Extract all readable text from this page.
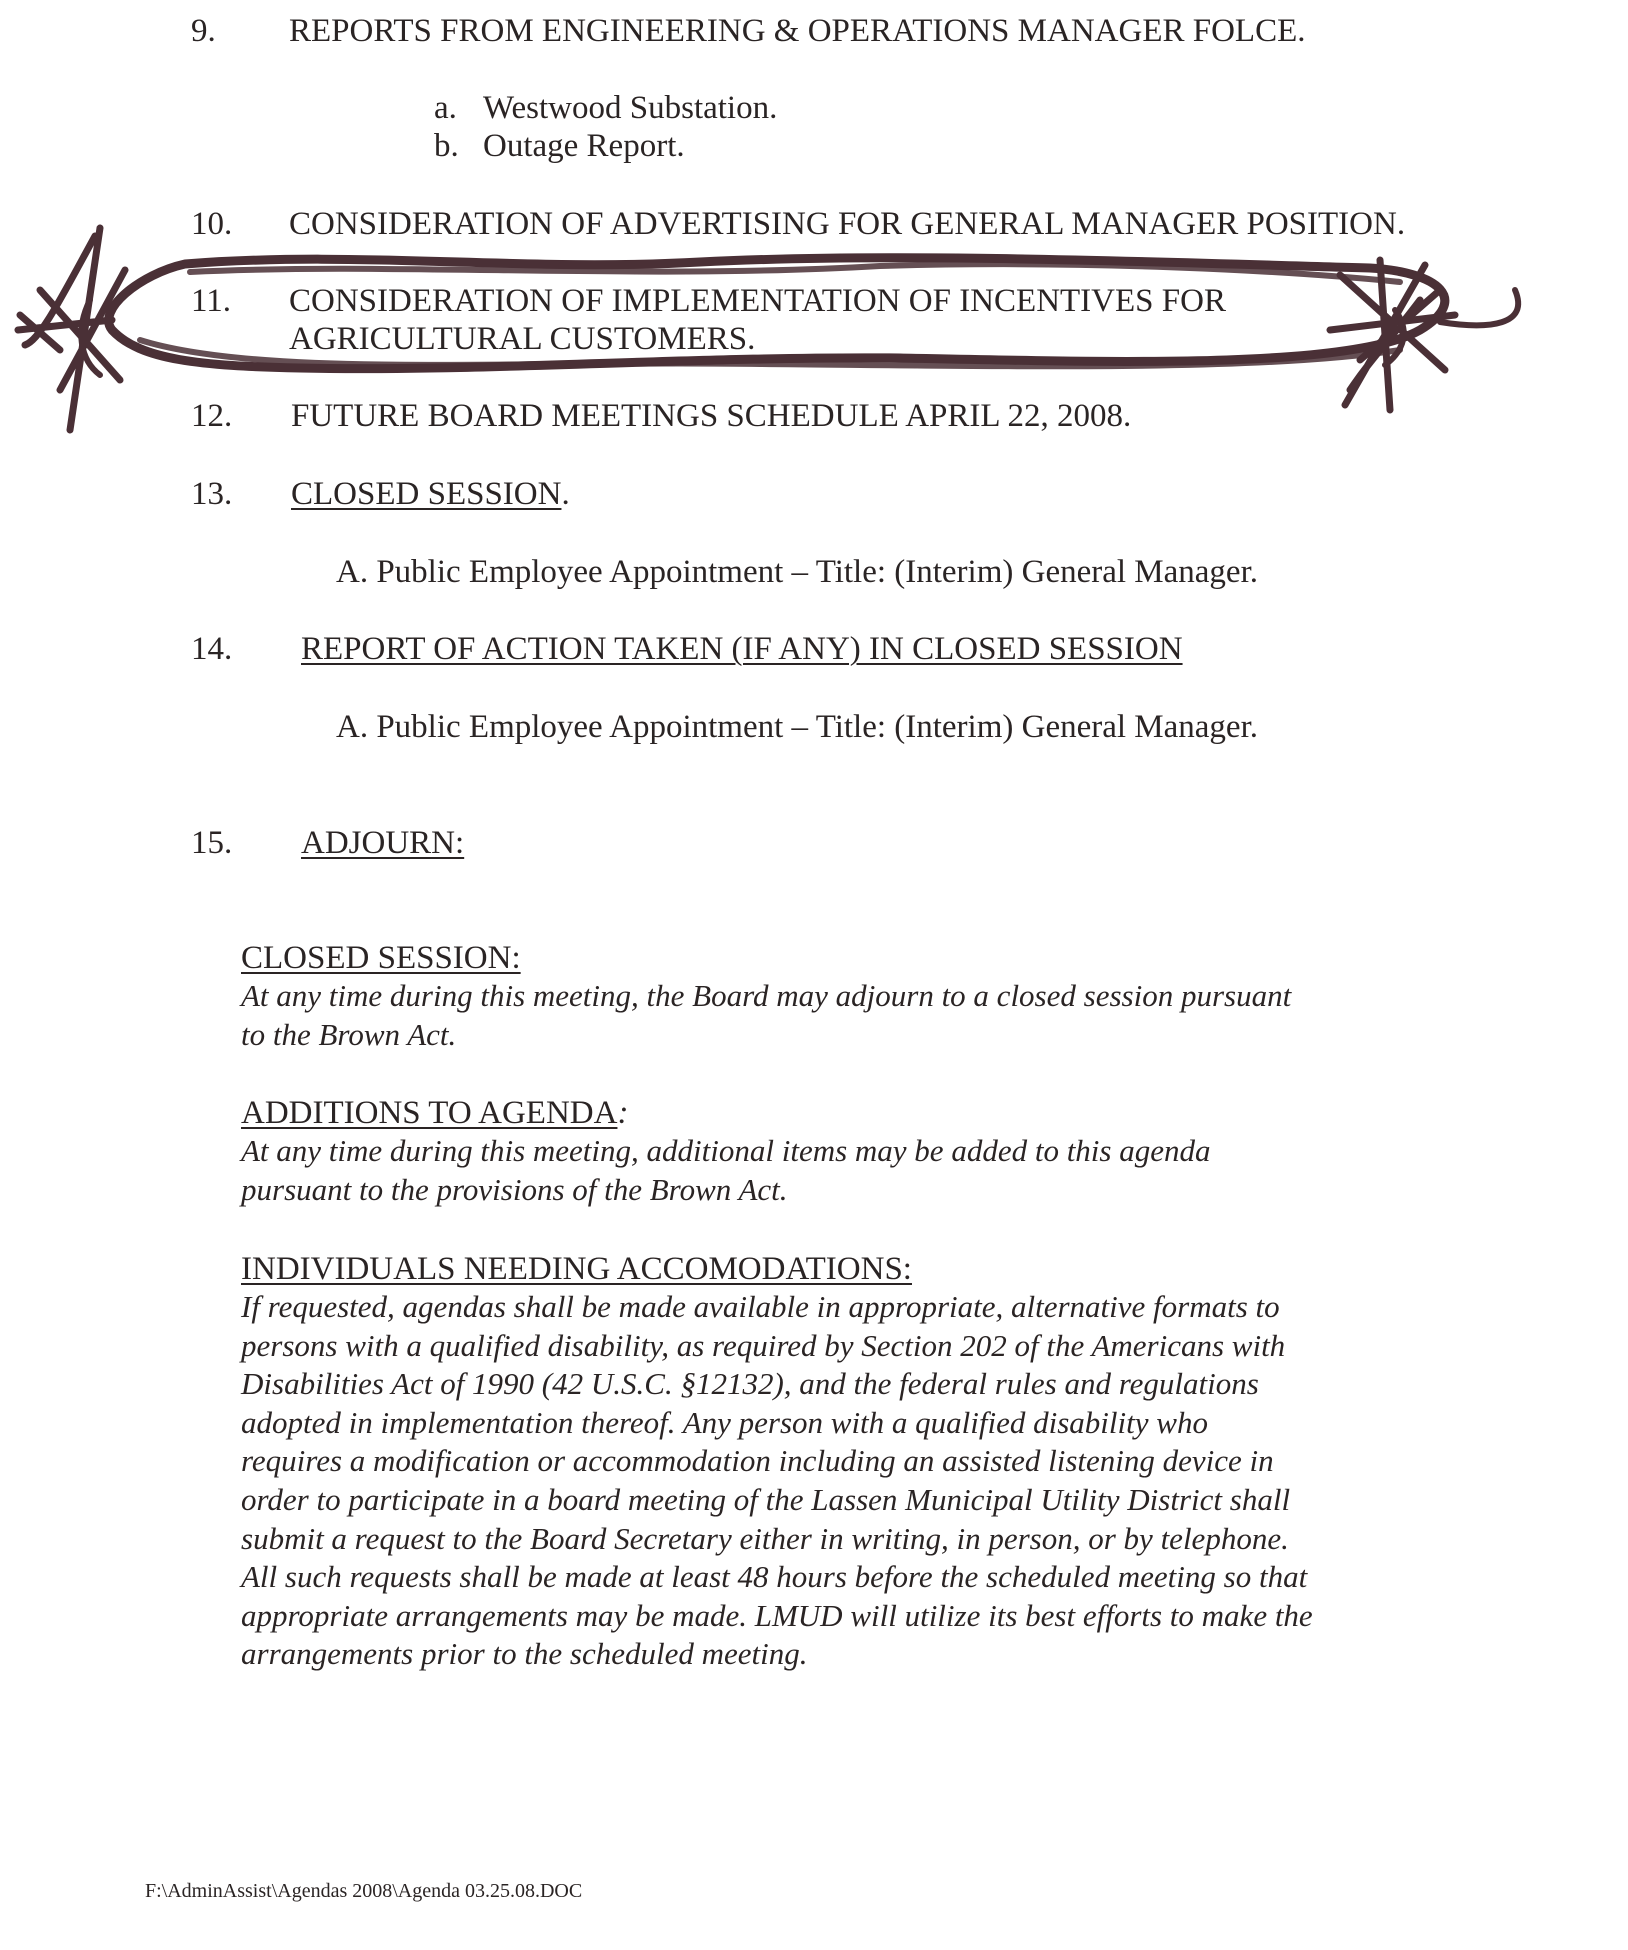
9. REPORTS FROM ENGINEERING & OPERATIONS MANAGER FOLCE.
a. Westwood Substation.
b. Outage Report.
10. CONSIDERATION OF ADVERTISING FOR GENERAL MANAGER POSITION.
11. CONSIDERATION OF IMPLEMENTATION OF INCENTIVES FOR
AGRICULTURAL CUSTOMERS.
12. FUTURE BOARD MEETINGS SCHEDULE APRIL 22, 2008.
13. CLOSED SESSION.
A. Public Employee Appointment – Title: (Interim) General Manager.
14. REPORT OF ACTION TAKEN (IF ANY) IN CLOSED SESSION
A. Public Employee Appointment – Title: (Interim) General Manager.
15. ADJOURN:
CLOSED SESSION:
At any time during this meeting, the Board may adjourn to a closed session pursuant
to the Brown Act.
ADDITIONS TO AGENDA:
At any time during this meeting, additional items may be added to this agenda
pursuant to the provisions of the Brown Act.
INDIVIDUALS NEEDING ACCOMODATIONS:
If requested, agendas shall be made available in appropriate, alternative formats to
persons with a qualified disability, as required by Section 202 of the Americans with
Disabilities Act of 1990 (42 U.S.C. §12132), and the federal rules and regulations
adopted in implementation thereof. Any person with a qualified disability who
requires a modification or accommodation including an assisted listening device in
order to participate in a board meeting of the Lassen Municipal Utility District shall
submit a request to the Board Secretary either in writing, in person, or by telephone.
All such requests shall be made at least 48 hours before the scheduled meeting so that
appropriate arrangements may be made. LMUD will utilize its best efforts to make the
arrangements prior to the scheduled meeting.
F:\AdminAssist\Agendas 2008\Agenda 03.25.08.DOC
